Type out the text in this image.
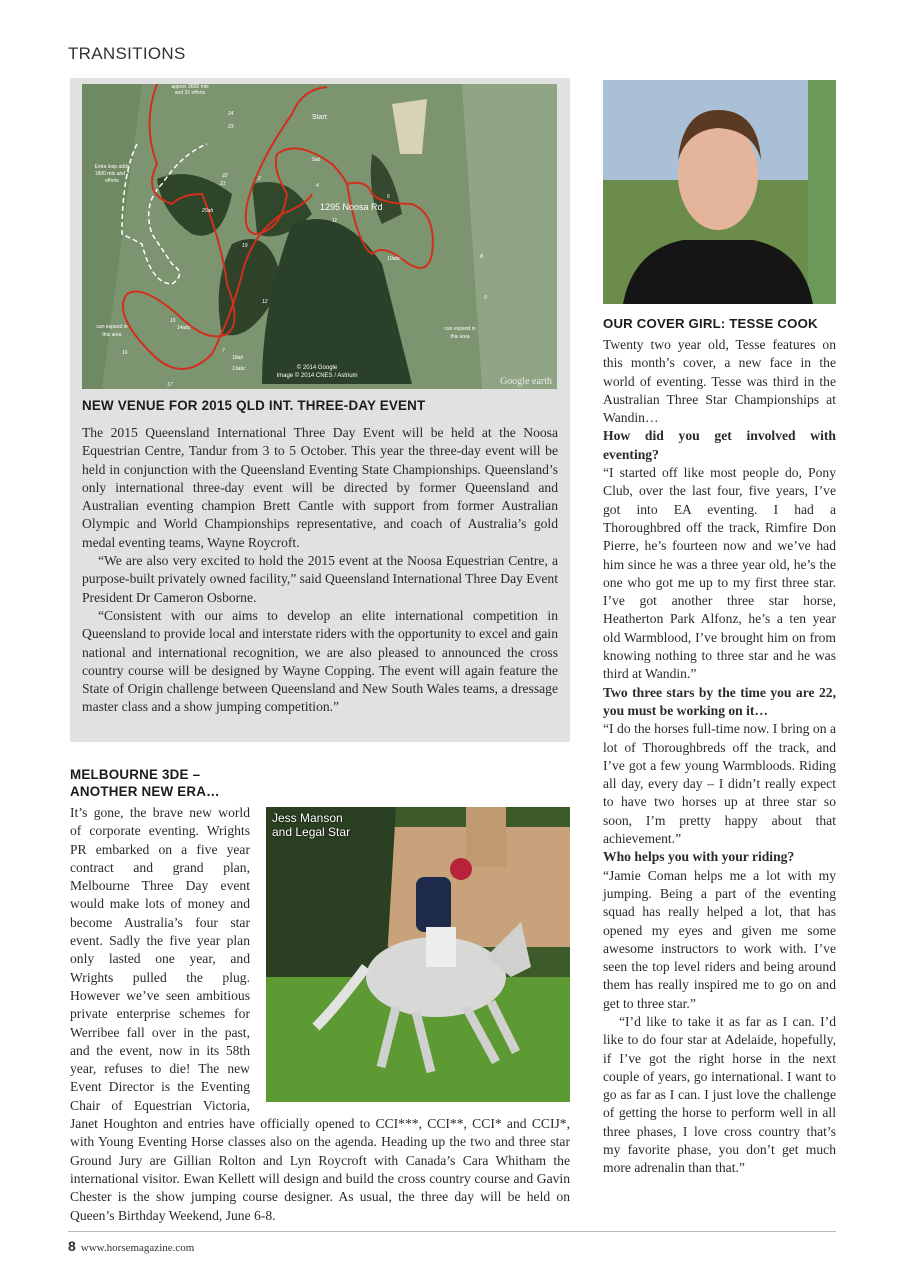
TRANSITIONS
Start
1295 Noosa Rd
approx 3600 mts
and 32 efforts
Extra loop adds
1800 mts and 7
efforts
can expand in
this area
can expand in
this area
24
23
22
21
20ab
19
2
4
5ab
6
8
9
10abc
11
12
13abc
14abc
15
16
17
18ab
7
© 2014 Google
Image © 2014 CNES / Astrium	Google earth
NEW VENUE FOR 2015 QLD INT. THREE-DAY EVENT

The 2015 Queensland International Three Day Event will be held at the Noosa Equestrian Centre, Tandur from 3 to 5 October. This year the three-day event will be held in conjunction with the Queensland Eventing State Championships. Queensland’s only international three-day event will be directed by former Queensland and Australian eventing champion Brett Cantle with support from former Australian Olympic and World Championships representative, and coach of Australia’s gold medal eventing teams, Wayne Roycroft.

“We are also very excited to hold the 2015 event at the Noosa Equestrian Centre, a purpose-built privately owned facility,” said Queensland International Three Day Event President Dr Cameron Osborne.

“Consistent with our aims to develop an elite international competition in Queensland to provide local and interstate riders with the opportunity to excel and gain national and international recognition, we are also pleased to announced the cross country course will be designed by Wayne Copping. The event will again feature the State of Origin challenge between Queensland and New South Wales teams, a dressage master class and a show jumping competition.”

MELBOURNE 3DE –
ANOTHER NEW ERA…
Jess Manson
and Legal Star
It’s gone, the brave new world of corporate eventing. Wrights PR embarked on a five year contract and grand plan, Melbourne Three Day event would make lots of money and become Australia’s four star event. Sadly the five year plan only lasted one year, and Wrights pulled the plug. However we’ve seen ambitious private enterprise schemes for Werribee fall over in the past, and the event, now in its 58th year, refuses to die! The new Event Director is the Eventing Chair of Equestrian Victoria, Janet Houghton and entries have officially opened to CCI***, CCI**, CCI* and CCIJ*, with Young Eventing Horse classes also on the agenda. Heading up the two and three star Ground Jury are Gillian Rolton and Lyn Roycroft with Canada’s Cara Whitham the international visitor. Ewan Kellett will design and build the cross country course and Gavin Chester is the show jumping course designer. As usual, the three day will be held on Queen’s Birthday Weekend, June 6-8.
OUR COVER GIRL: TESSE COOK

Twenty two year old, Tesse features on this month’s cover, a new face in the world of eventing. Tesse was third in the Australian Three Star Championships at Wandin…

How did you get involved with eventing?

“I started off like most people do, Pony Club, over the last four, five years, I’ve got into EA eventing. I had a Thoroughbred off the track, Rimfire Don Pierre, he’s fourteen now and we’ve had him since he was a three year old, he’s the one who got me up to my first three star. I’ve got another three star horse, Heatherton Park Alfonz, he’s a ten year old Warmblood, I’ve brought him on from knowing nothing to three star and he was third at Wandin.”

Two three stars by the time you are 22, you must be working on it…

“I do the horses full-time now. I bring on a lot of Thoroughbreds off the track, and I’ve got a few young Warmbloods. Riding all day, every day – I didn’t really expect to have two horses up at three star so soon, I’m pretty happy about that achievement.”

Who helps you with your riding?

“Jamie Coman helps me a lot with my jumping. Being a part of the eventing squad has really helped a lot, that has opened my eyes and given me some awesome instructors to work with. I’ve seen the top level riders and being around them has really inspired me to go on and get to three star.”

“I’d like to take it as far as I can. I’d like to do four star at Adelaide, hopefully, if I’ve got the right horse in the next couple of years, go international. I want to go as far as I can. I just love the challenge of getting the horse to perform well in all three phases, I love cross country that’s my favorite phase, you don’t get much more adrenalin than that.”

8 www.horsemagazine.com
